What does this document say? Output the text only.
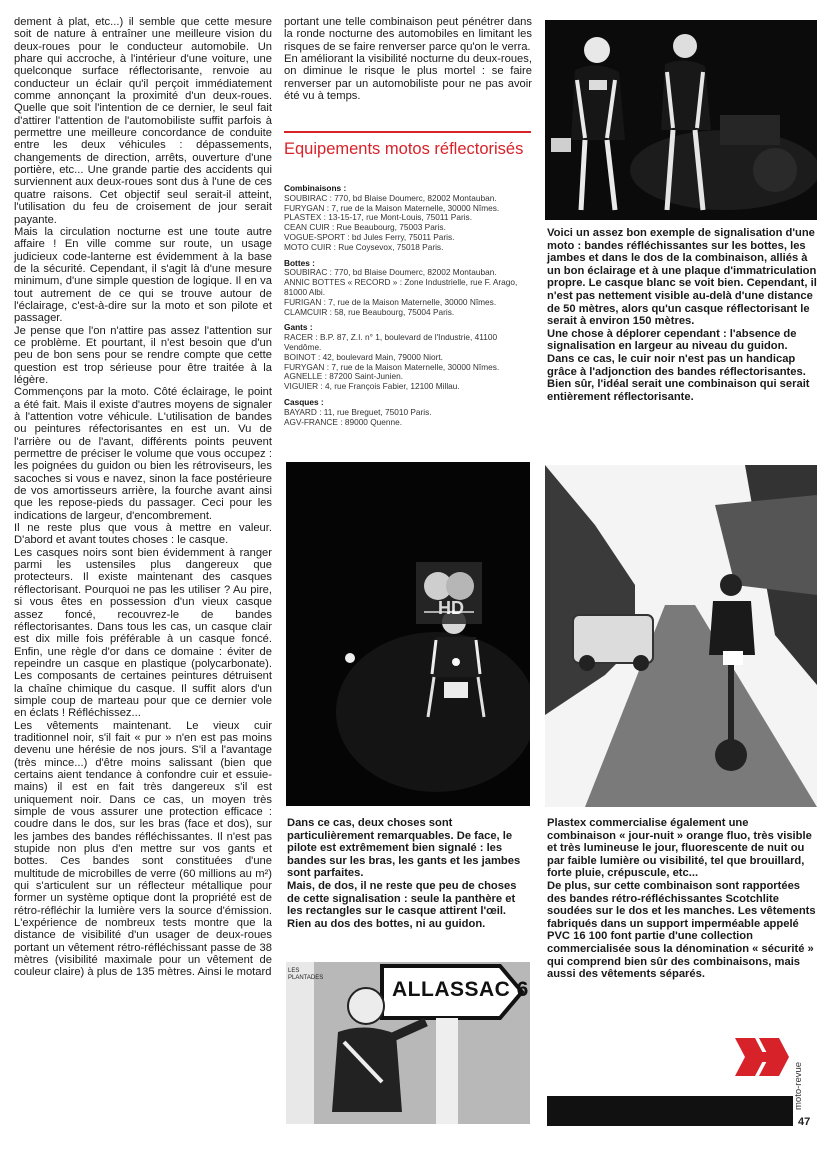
dement à plat, etc...) il semble que cette mesure soit de nature à entraîner une meilleure vision du deux-roues pour le conducteur automobile. Un phare qui accroche, à l'intérieur d'une voiture, une quelconque surface réflectorisante, renvoie au conducteur un éclair qu'il perçoit immédiatement comme annonçant la proximité d'un deux-roues. Quelle que soit l'intention de ce dernier, le seul fait d'attirer l'attention de l'automobiliste suffit parfois à permettre une meilleure concordance de conduite entre les deux véhicules : dépassements, changements de direction, arrêts, ouverture d'une portière, etc... Une grande partie des accidents qui surviennent aux deux-roues sont dus à l'une de ces quatre raisons. Cet objectif seul serait-il atteint, l'utilisation du feu de croisement de jour serait payante.

Mais la circulation nocturne est une toute autre affaire ! En ville comme sur route, un usage judicieux code-lanterne est évidemment à la base de la sécurité. Cependant, il s'agit là d'une mesure minimum, d'une simple question de logique. Il en va tout autrement de ce qui se trouve autour de l'éclairage, c'est-à-dire sur la moto et son pilote et passager.

Je pense que l'on n'attire pas assez l'attention sur ce problème. Et pourtant, il n'est besoin que d'un peu de bon sens pour se rendre compte que cette question est trop sérieuse pour être traitée à la légère.

Commençons par la moto. Côté éclairage, le point a été fait. Mais il existe d'autres moyens de signaler à l'attention votre véhicule. L'utilisation de bandes ou peintures réfectorisantes en est un. Vu de l'arrière ou de l'avant, différents points peuvent permettre de préciser le volume que vous occupez : les poignées du guidon ou bien les rétroviseurs, les sacoches si vous e navez, sinon la face postérieure de vos amortisseurs arrière, la fourche avant ainsi que les repose-pieds du passager. Ceci pour les indications de largeur, d'encombrement.

Il ne reste plus que vous à mettre en valeur. D'abord et avant toutes choses : le casque.

Les casques noirs sont bien évidemment à ranger parmi les ustensiles plus dangereux que protecteurs. Il existe maintenant des casques réflectorisant. Pourquoi ne pas les utiliser ? Au pire, si vous êtes en possession d'un vieux casque assez foncé, recouvrez-le de bandes réflectorisantes. Dans tous les cas, un casque clair est dix mille fois préférable à un casque foncé. Enfin, une règle d'or dans ce domaine : éviter de repeindre un casque en plastique (polycarbonate). Les composants de certaines peintures détruisent la chaîne chimique du casque. Il suffit alors d'un simple coup de marteau pour que ce dernier vole en éclats ! Réfléchissez...

Les vêtements maintenant. Le vieux cuir traditionnel noir, s'il fait « pur » n'en est pas moins devenu une hérésie de nos jours. S'il a l'avantage (très mince...) d'être moins salissant (bien que certains aient tendance à confondre cuir et essuie-mains) il est en fait très dangereux s'il est uniquement noir. Dans ce cas, un moyen très simple de vous assurer une protection efficace : coudre dans le dos, sur les bras (face et dos), sur les jambes des bandes réfléchissantes. Il n'est pas stupide non plus d'en mettre sur vos gants et bottes. Ces bandes sont constituées d'une multitude de microbilles de verre (60 millions au m²) qui s'articulent sur un réflecteur métallique pour former un système optique dont la propriété est de rétro-réfléchir la lumière vers la source d'émission. L'expérience de nombreux tests montre que la distance de visibilité d'un usager de deux-roues portant un vêtement rétro-réfléchissant passe de 38 mètres (visibilité maximale pour un vêtement de couleur claire) à plus de 135 mètres. Ainsi le motard

portant une telle combinaison peut pénétrer dans la ronde nocturne des automobiles en limitant les risques de se faire renverser parce qu'on le verra.

En améliorant la visibilité nocturne du deux-roues, on diminue le risque le plus mortel : se faire renverser par un automobiliste pour ne pas avoir été vu à temps.

Equipements motos réflectorisés
Combinaisons :
SOUBIRAC : 770, bd Blaise Doumerc, 82002 Montauban.
FURYGAN : 7, rue de la Maison Maternelle, 30000 Nîmes.
PLASTEX : 13-15-17, rue Mont-Louis, 75011 Paris.
CEAN CUIR : Rue Beaubourg, 75003 Paris.
VOGUE-SPORT : bd Jules Ferry, 75011 Paris.
MOTO CUIR : Rue Coysevox, 75018 Paris.
Bottes :
SOUBIRAC : 770, bd Blaise Doumerc, 82002 Montauban.
ANNIC BOTTES « RECORD » : Zone Industrielle, rue F. Arago, 81000 Albi.
FURIGAN : 7, rue de la Maison Maternelle, 30000 Nîmes.
CLAMCUIR : 58, rue Beaubourg, 75004 Paris.
Gants :
RACER : B.P. 87, Z.I. n° 1, boulevard de l'Industrie, 41100 Vendôme.
BOINOT : 42, boulevard Main, 79000 Niort.
FURYGAN : 7, rue de la Maison Maternelle, 30000 Nîmes.
AGNELLE : 87200 Saint-Junien.
VIGUIER : 4, rue François Fabier, 12100 Millau.
Casques :
BAYARD : 11, rue Breguet, 75010 Paris.
AGV-FRANCE : 89000 Quenne.
HD
ALLASSAC 6
LES PLANTADES

Voici un assez bon exemple de signalisation d'une moto : bandes réfléchissantes sur les bottes, les jambes et dans le dos de la combinaison, alliés à un bon éclairage et à une plaque d'immatriculation propre. Le casque blanc se voit bien. Cependant, il n'est pas nettement visible au-delà d'une distance de 50 mètres, alors qu'un casque réflectorisant le serait à environ 150 mètres.

Une chose à déplorer cependant : l'absence de signalisation en largeur au niveau du guidon.

Dans ce cas, le cuir noir n'est pas un handicap grâce à l'adjonction des bandes réflectorisantes. Bien sûr, l'idéal serait une combinaison qui serait entièrement réflectorisante.

Dans ce cas, deux choses sont particulièrement remarquables. De face, le pilote est extrêmement bien signalé : les bandes sur les bras, les gants et les jambes sont parfaites.

Mais, de dos, il ne reste que peu de choses de cette signalisation : seule la panthère et les rectangles sur le casque attirent l'œil. Rien au dos des bottes, ni au guidon.

Plastex commercialise également une combinaison « jour-nuit » orange fluo, très visible et très lumineuse le jour, fluorescente de nuit ou par faible lumière ou visibilité, tel que brouillard, forte pluie, crépuscule, etc...

De plus, sur cette combinaison sont rapportées des bandes rétro-réfléchissantes Scotchlite soudées sur le dos et les manches. Les vêtements fabriqués dans un support imperméable appelé PVC 16 100 font partie d'une collection commercialisée sous la dénomination « sécurité » qui comprend bien sûr des combinaisons, mais aussi des vêtements séparés.

moto-revue
47
